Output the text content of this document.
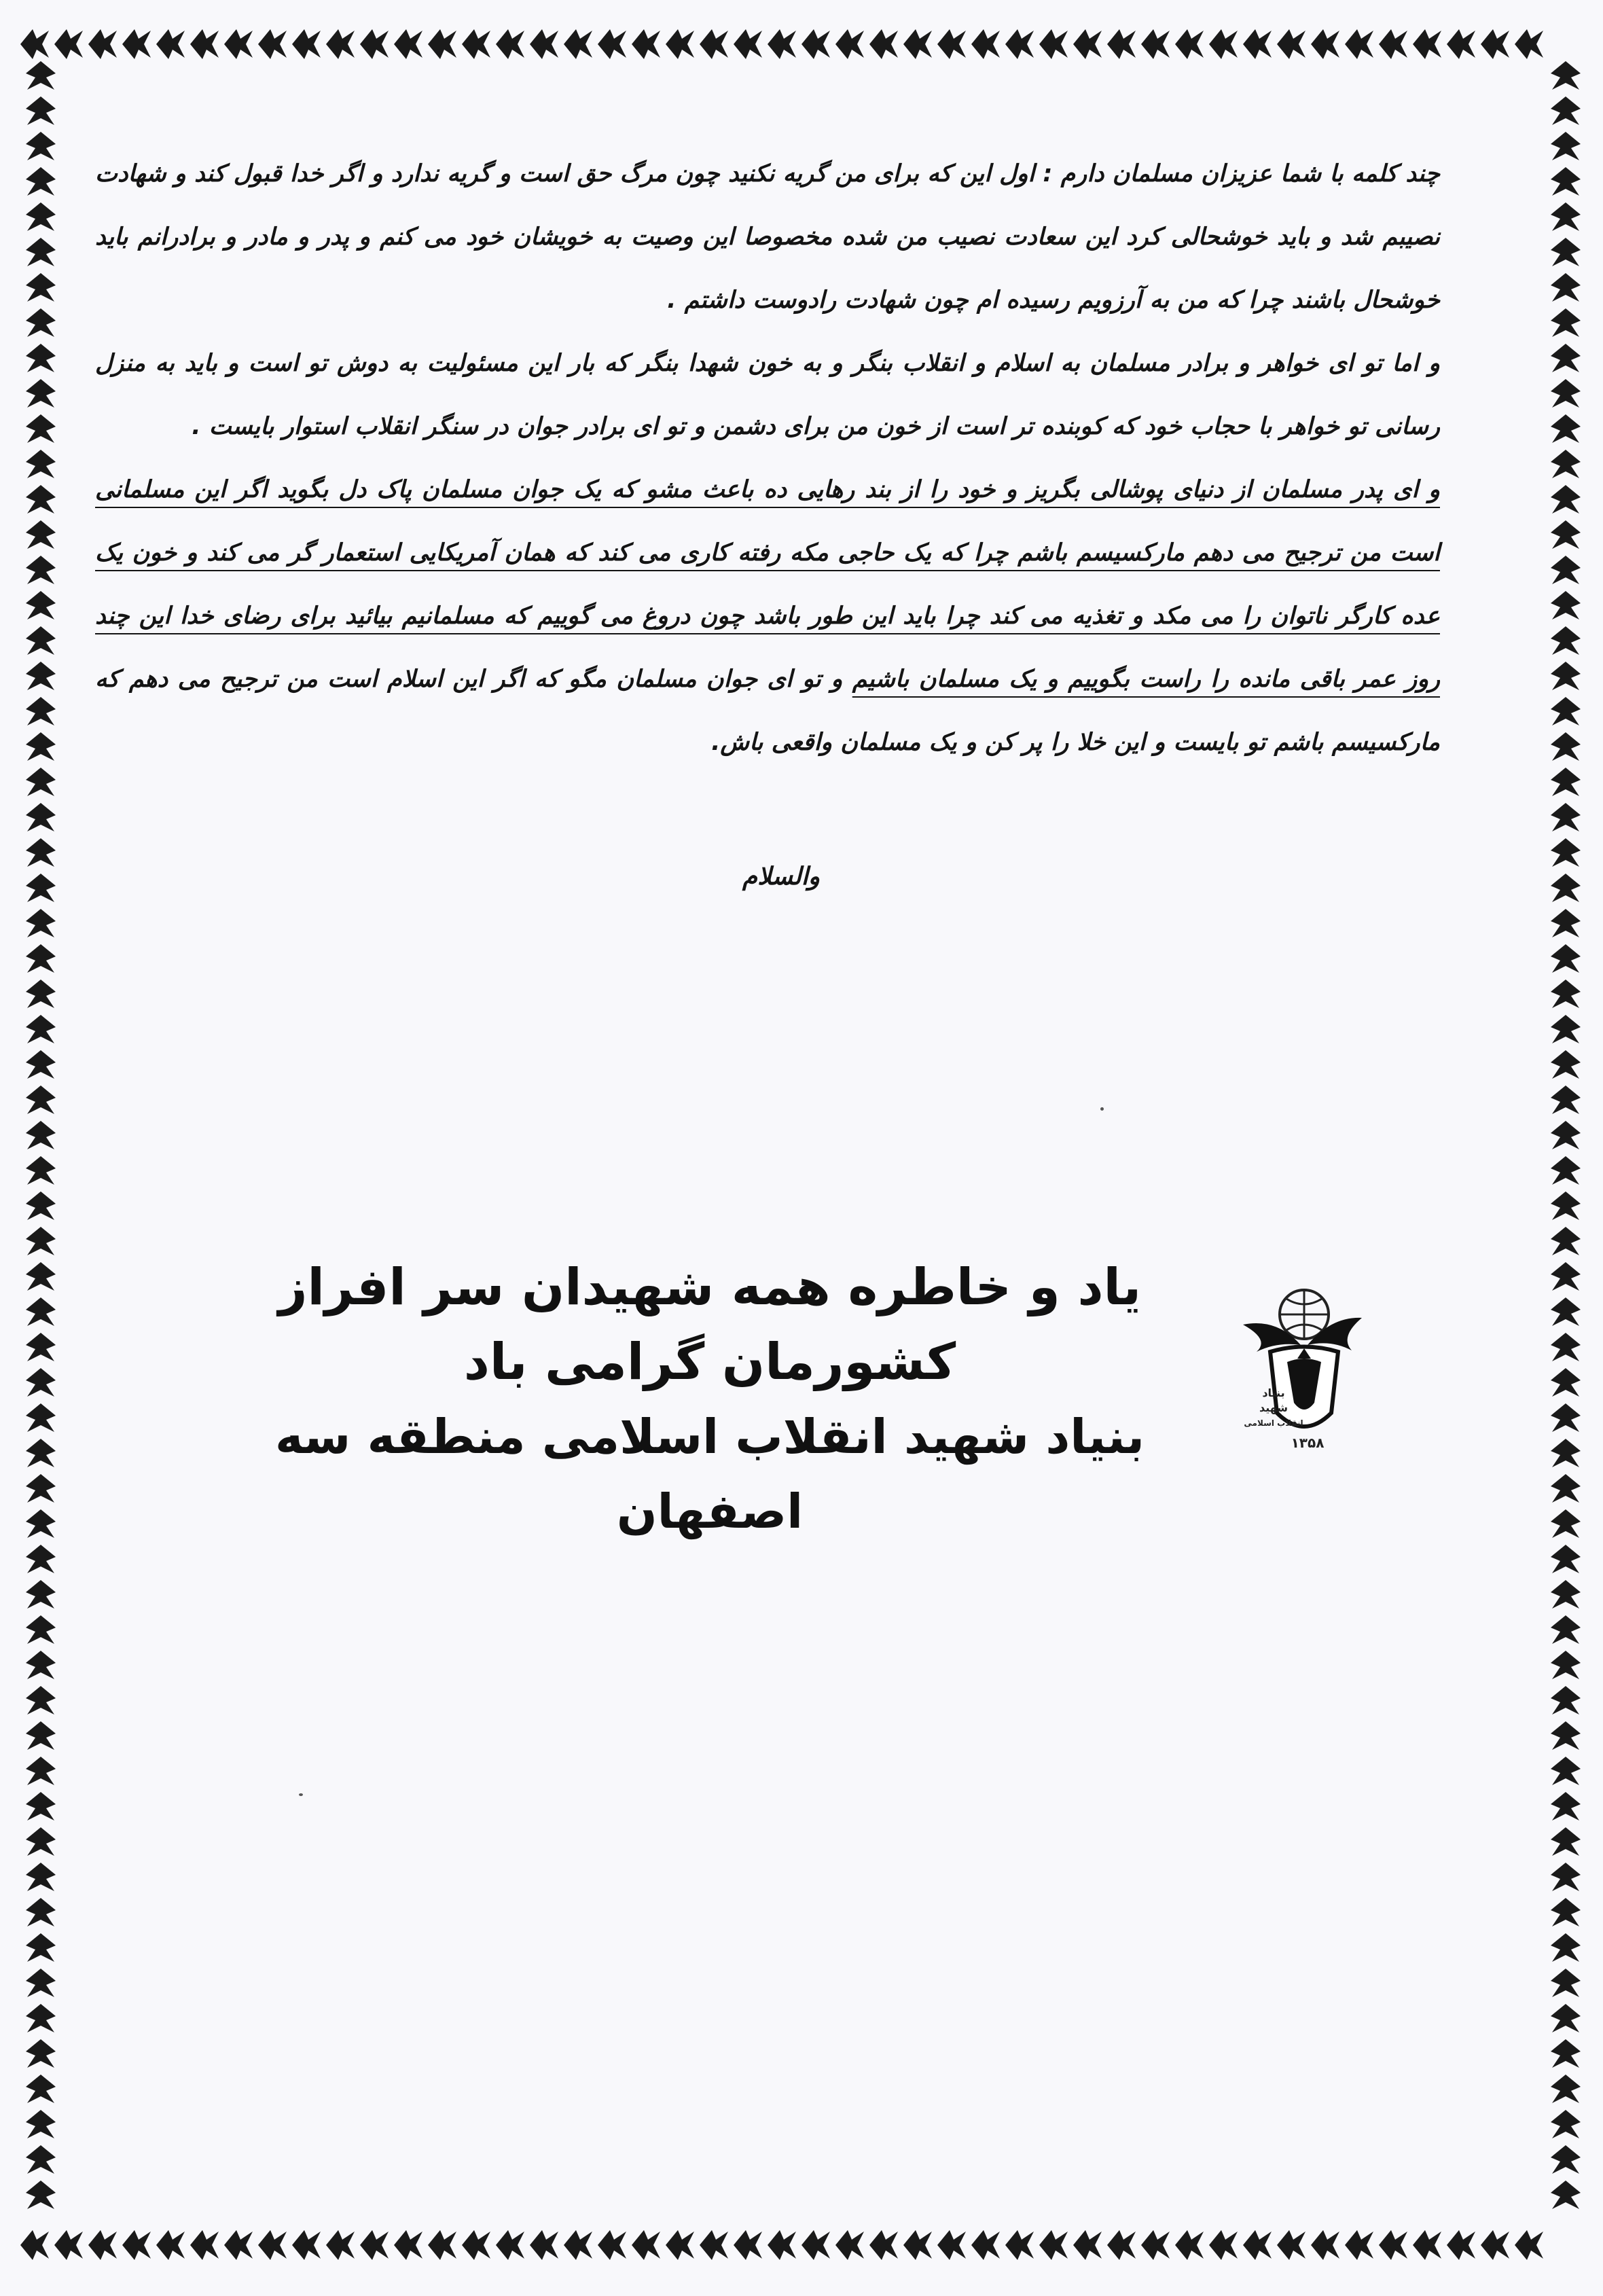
چند کلمه با شما عزیزان مسلمان دارم : اول این که برای من گریه نکنید چون مرگ حق است و گریه ندارد و اگر خدا قبول کند و شهادت نصیبم شد و باید خوشحالی کرد این سعادت نصیب من شده مخصوصا این وصیت به خویشان خود می کنم و پدر و مادر و برادرانم باید خوشحال باشند چرا که من به آرزویم رسیده ام چون شهادت رادوست داشتم .

و اما تو ای خواهر و برادر مسلمان به اسلام و انقلاب بنگر و به خون شهدا بنگر که بار این مسئولیت به دوش تو است و باید به منزل رسانی تو خواهر با حجاب خود که کوبنده تر است از خون من برای دشمن و تو ای برادر جوان در سنگر انقلاب استوار بایست .

و ای پدر مسلمان از دنیای پوشالی بگریز و خود را از بند رهایی ده باعث مشو که یک جوان مسلمان پاک دل بگوید اگر این مسلمانی است من ترجیح می دهم مارکسیسم باشم چرا که یک حاجی مکه رفته کاری می کند که همان آمریکایی استعمار گر می کند و خون یک عده کارگر ناتوان را می مکد و تغذیه می کند چرا باید این طور باشد چون دروغ می گوییم که مسلمانیم بیائید برای رضای خدا این چند روز عمر باقی مانده را راست بگوییم و یک مسلمان باشیم و تو ای جوان مسلمان مگو که اگر این اسلام است من ترجیح می دهم که مارکسیسم باشم تو بایست و این خلا را پر کن و یک مسلمان واقعی باش.

والسلام
یاد و خاطره همه شهیدان سر افراز کشورمان گرامی باد
بنیاد شهید انقلاب اسلامی منطقه سه اصفهان
بنیاد
شهید
انقلاب اسلامی
۱۳۵۸
